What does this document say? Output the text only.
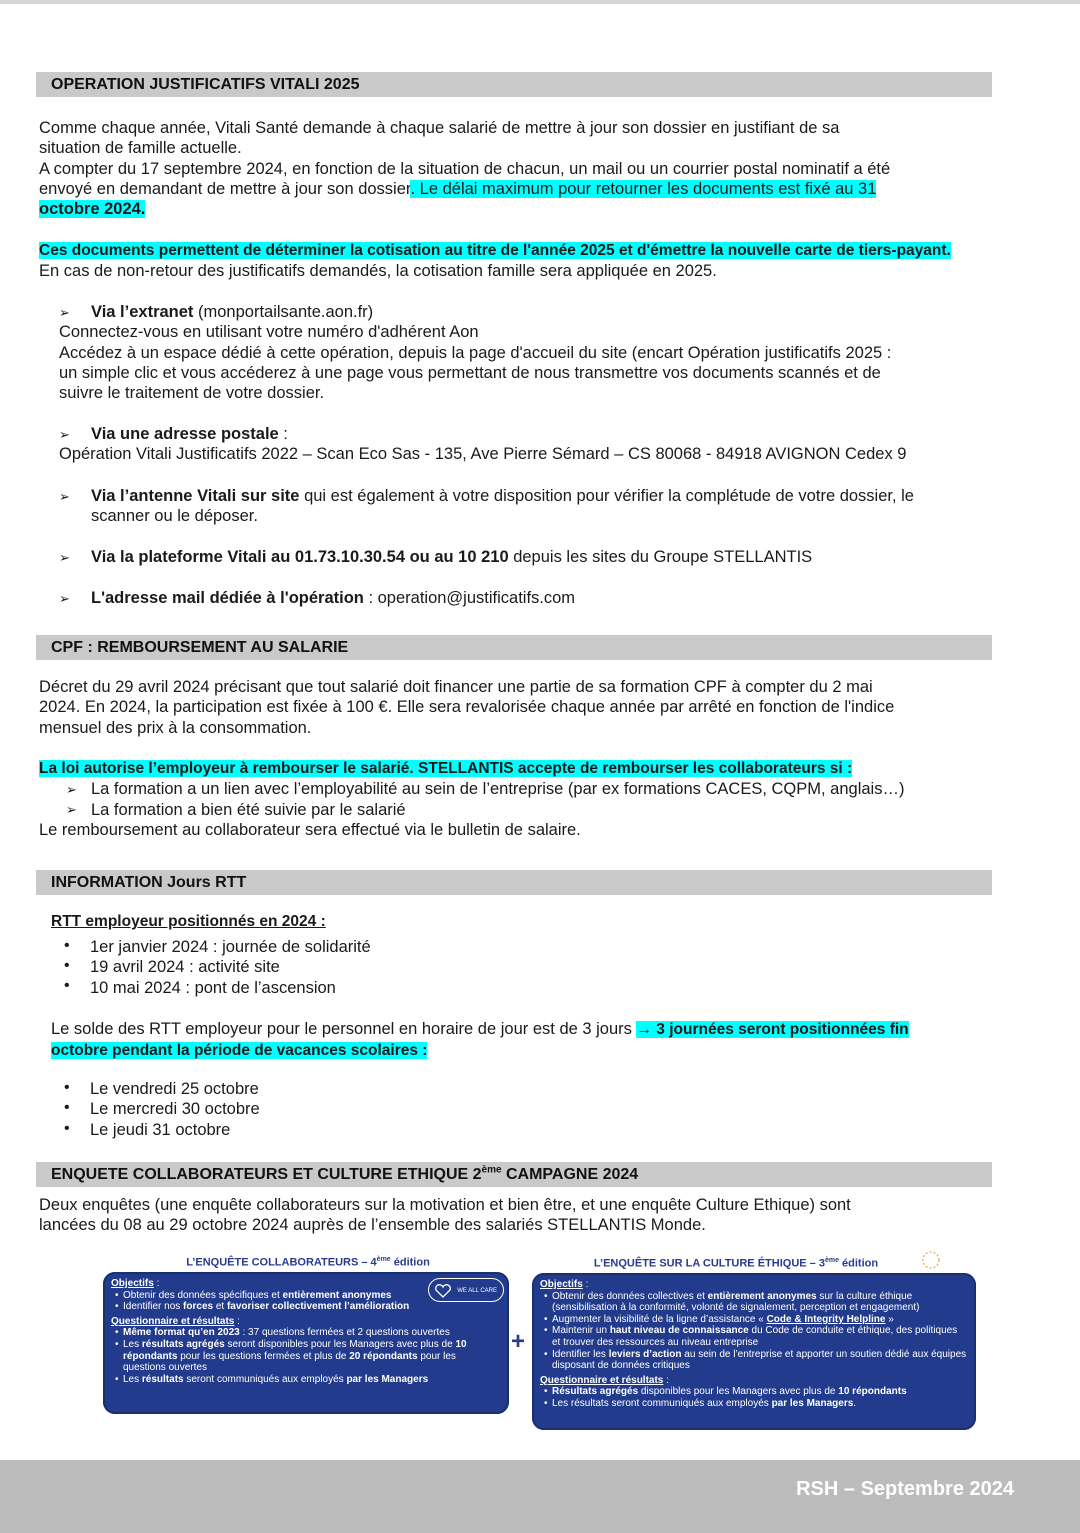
OPERATION JUSTIFICATIFS VITALI 2025
Comme chaque année, Vitali Santé demande à chaque salarié de mettre à jour son dossier en justifiant de sa
situation de famille actuelle.
A compter du 17 septembre 2024, en fonction de la situation de chacun, un mail ou un courrier postal nominatif a été
envoyé en demandant de mettre à jour son dossier. Le délai maximum pour retourner les documents est fixé au 31
octobre 2024.
Ces documents permettent de déterminer la cotisation au titre de l'année 2025 et d'émettre la nouvelle carte de tiers-payant.
En cas de non-retour des justificatifs demandés, la cotisation famille sera appliquée en 2025.
➢	Via l’extranet (monportailsante.aon.fr)
Connectez-vous en utilisant votre numéro d'adhérent Aon
Accédez à un espace dédié à cette opération, depuis la page d'accueil du site (encart Opération justificatifs 2025 :
un simple clic et vous accéderez à une page vous permettant de nous transmettre vos documents scannés et de
suivre le traitement de votre dossier.
➢	Via une adresse postale :
Opération Vitali Justificatifs 2022 – Scan Eco Sas - 135, Ave Pierre Sémard – CS 80068 - 84918 AVIGNON Cedex 9
➢ Via l’antenne Vitali sur site qui est également à votre disposition pour vérifier la complétude de votre dossier, le
scanner ou le déposer.
➢ Via la plateforme Vitali au 01.73.10.30.54 ou au 10 210 depuis les sites du Groupe STELLANTIS
➢ L'adresse mail dédiée à l'opération : operation@justificatifs.com
CPF : REMBOURSEMENT AU SALARIE
Décret du 29 avril 2024 précisant que tout salarié doit financer une partie de sa formation CPF à compter du 2 mai
2024. En 2024, la participation est fixée à 100 €. Elle sera revalorisée chaque année par arrêté en fonction de l'indice
mensuel des prix à la consommation.
La loi autorise l’employeur à rembourser le salarié. STELLANTIS accepte de rembourser les collaborateurs si :
La formation a un lien avec l’employabilité au sein de l’entreprise (par ex formations CACES, CQPM, anglais…)
La formation a bien été suivie par le salarié
Le remboursement au collaborateur sera effectué via le bulletin de salaire.
➢
➢
INFORMATION Jours RTT
RTT employeur positionnés en 2024 :
•
•
•
1er janvier 2024 : journée de solidarité
19 avril 2024 : activité site
10 mai 2024 : pont de l’ascension
Le solde des RTT employeur pour le personnel en horaire de jour est de 3 jours → 3 journées seront positionnées fin
octobre pendant la période de vacances scolaires :
•
•
•
Le vendredi 25 octobre
Le mercredi 30 octobre
Le jeudi 31 octobre
ENQUETE COLLABORATEURS ET CULTURE ETHIQUE 2ème CAMPAGNE 2024
Deux enquêtes (une enquête collaborateurs sur la motivation et bien être, et une enquête Culture Ethique) sont
lancées du 08 au 29 octobre 2024 auprès de l’ensemble des salariés STELLANTIS Monde.
L’ENQUÊTE COLLABORATEURS – 4ème édition
WE ALL CARE
Objectifs :
• Obtenir des données spécifiques et entièrement anonymes
• Identifier nos forces et favoriser collectivement l’amélioration
Questionnaire et résultats :
• Même format qu’en 2023 : 37 questions fermées et 2 questions ouvertes
• Les résultats agrégés seront disponibles pour les Managers avec plus de 10 répondants pour les questions fermées et plus de 20 répondants pour les questions ouvertes
• Les résultats seront communiqués aux employés par les Managers
+
L’ENQUÊTE SUR LA CULTURE ÉTHIQUE – 3ème édition
Objectifs :
• Obtenir des données collectives et entièrement anonymes sur la culture éthique (sensibilisation à la conformité, volonté de signalement, perception et engagement)
• Augmenter la visibilité de la ligne d’assistance « Code & Integrity Helpline »
• Maintenir un haut niveau de connaissance du Code de conduite et éthique, des politiques et trouver des ressources au niveau entreprise
• Identifier les leviers d’action au sein de l’entreprise et apporter un soutien dédié aux équipes disposant de données critiques
Questionnaire et résultats :
• Résultats agrégés disponibles pour les Managers avec plus de 10 répondants
• Les résultats seront communiqués aux employés par les Managers.
RSH – Septembre 2024
